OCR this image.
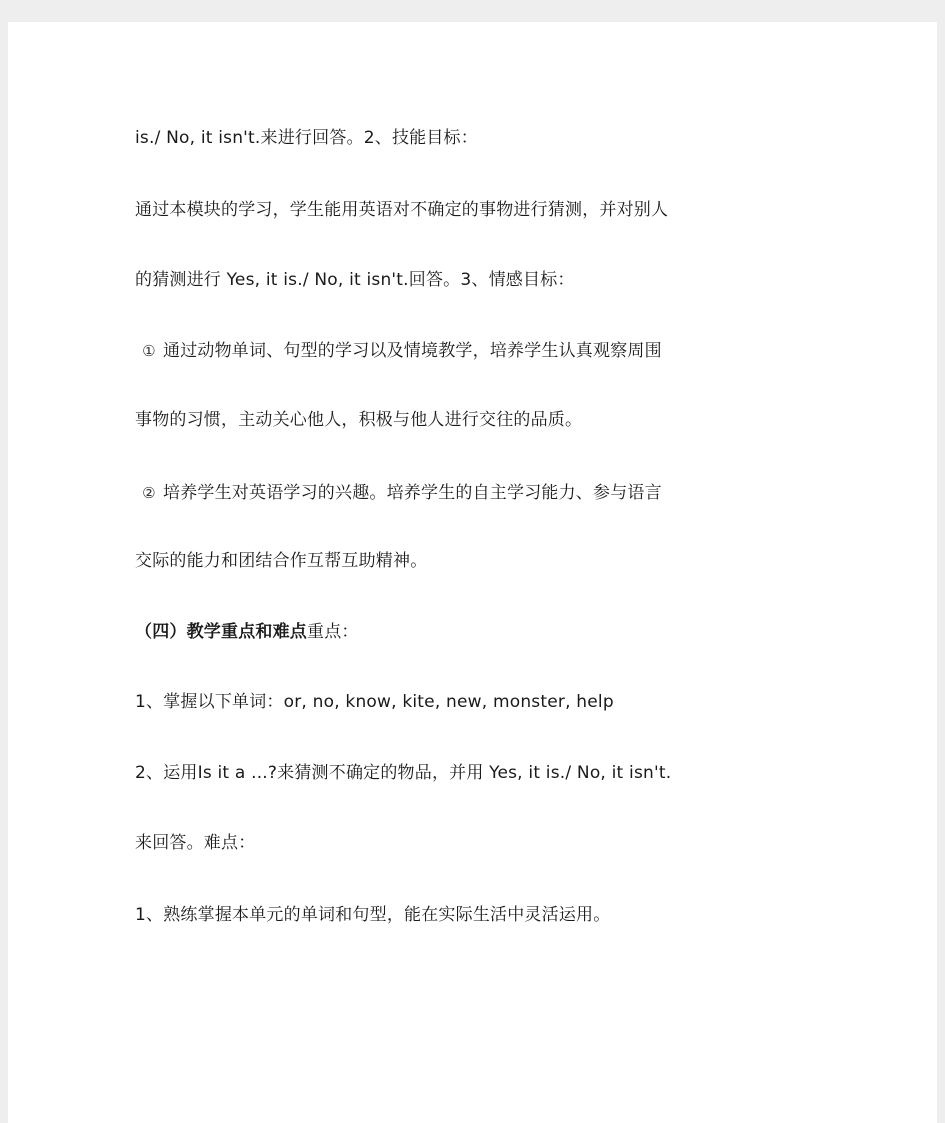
is./ No, it isn't.来进行回答。2、技能目标：
通过本模块的学习，学生能用英语对不确定的事物进行猜测，并对别人
的猜测进行 Yes, it is./ No, it isn't.回答。3、情感目标：
① 通过动物单词、句型的学习以及情境教学，培养学生认真观察周围
事物的习惯，主动关心他人，积极与他人进行交往的品质。
② 培养学生对英语学习的兴趣。培养学生的自主学习能力、参与语言
交际的能力和团结合作互帮互助精神。
（四）教学重点和难点重点：
1、掌握以下单词：or, no, know, kite, new, monster, help
2、运用Is it a ...?来猜测不确定的物品，并用 Yes, it is./ No, it isn't.
来回答。难点：
1、熟练掌握本单元的单词和句型，能在实际生活中灵活运用。
